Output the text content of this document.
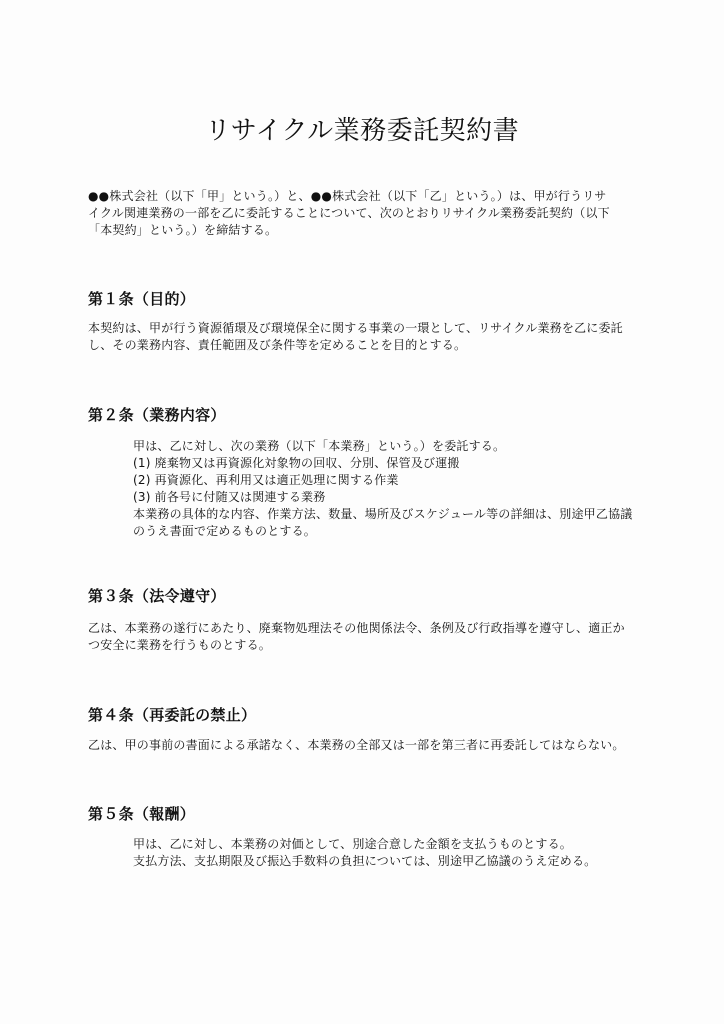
リサイクル業務委託契約書

●●株式会社（以下「甲」という。）と、●●株式会社（以下「乙」という。）は、甲が行うリサ
イクル関連業務の一部を乙に委託することについて、次のとおりリサイクル業務委託契約（以下
「本契約」という。）を締結する。

第１条（目的）

本契約は、甲が行う資源循環及び環境保全に関する事業の一環として、リサイクル業務を乙に委託
し、その業務内容、責任範囲及び条件等を定めることを目的とする。

第２条（業務内容）

甲は、乙に対し、次の業務（以下「本業務」という。）を委託する。
(1) 廃棄物又は再資源化対象物の回収、分別、保管及び運搬
(2) 再資源化、再利用又は適正処理に関する作業
(3) 前各号に付随又は関連する業務
本業務の具体的な内容、作業方法、数量、場所及びスケジュール等の詳細は、別途甲乙協議
のうえ書面で定めるものとする。

第３条（法令遵守）

乙は、本業務の遂行にあたり、廃棄物処理法その他関係法令、条例及び行政指導を遵守し、適正か
つ安全に業務を行うものとする。

第４条（再委託の禁止）

乙は、甲の事前の書面による承諾なく、本業務の全部又は一部を第三者に再委託してはならない。

第５条（報酬）

甲は、乙に対し、本業務の対価として、別途合意した金額を支払うものとする。
支払方法、支払期限及び振込手数料の負担については、別途甲乙協議のうえ定める。
